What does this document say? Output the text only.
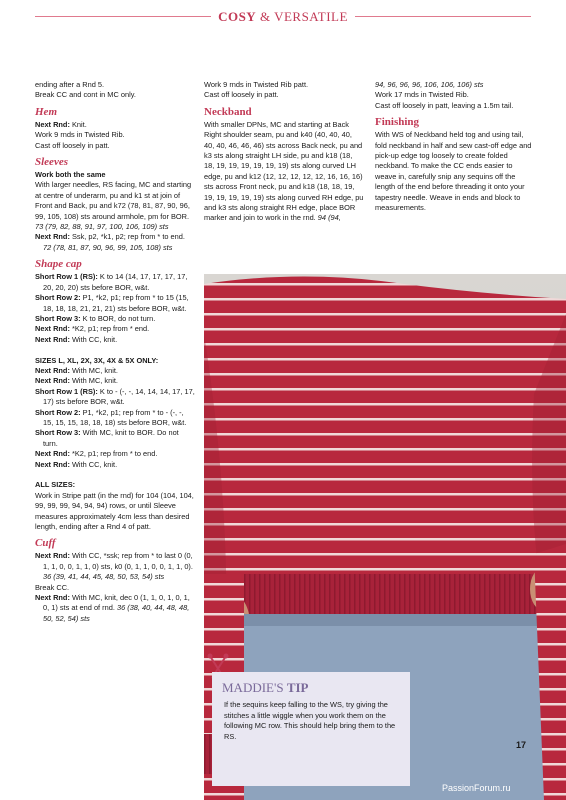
COSY & VERSATILE

ending after a Rnd 5.

Break CC and cont in MC only.

Hem

Next Rnd: Knit.

Work 9 rnds in Twisted Rib.

Cast off loosely in patt.

Sleeves

Work both the same

With larger needles, RS facing, MC and starting at centre of underarm, pu and k1 st at join of Front and Back, pu and k72 (78, 81, 87, 90, 96, 99, 105, 108) sts around armhole, pm for BOR. 73 (79, 82, 88, 91, 97, 100, 106, 109) sts

Next Rnd: Ssk, p2, *k1, p2; rep from * to end. 72 (78, 81, 87, 90, 96, 99, 105, 108) sts

Shape cap

Short Row 1 (RS): K to 14 (14, 17, 17, 17, 17, 20, 20, 20) sts before BOR, w&t.

Short Row 2: P1, *k2, p1; rep from * to 15 (15, 18, 18, 18, 21, 21, 21) sts before BOR, w&t.

Short Row 3: K to BOR, do not turn.

Next Rnd: *K2, p1; rep from * end.

Next Rnd: With CC, knit.

SIZES L, XL, 2X, 3X, 4X & 5X ONLY:

Next Rnd: With MC, knit.

Next Rnd: With MC, knit.

Short Row 1 (RS): K to - (-, -, 14, 14, 14, 17, 17, 17) sts before BOR, w&t.

Short Row 2: P1, *k2, p1; rep from * to - (-, -, 15, 15, 15, 18, 18, 18) sts before BOR, w&t.

Short Row 3: With MC, knit to BOR. Do not turn.

Next Rnd: *K2, p1; rep from * to end.

Next Rnd: With CC, knit.

ALL SIZES:

Work in Stripe patt (in the rnd) for 104 (104, 104, 99, 99, 99, 94, 94, 94) rows, or until Sleeve measures approximately 4cm less than desired length, ending after a Rnd 4 of patt.

Cuff

Next Rnd: With CC, *ssk; rep from * to last 0 (0, 1, 1, 0, 0, 1, 1, 0) sts, k0 (0, 1, 1, 0, 0, 1, 1, 0). 36 (39, 41, 44, 45, 48, 50, 53, 54) sts

Break CC.

Next Rnd: With MC, knit, dec 0 (1, 1, 0, 1, 0, 1, 0, 1) sts at end of rnd. 36 (38, 40, 44, 48, 48, 50, 52, 54) sts

Work 9 rnds in Twisted Rib patt.

Cast off loosely in patt.

Neckband

With smaller DPNs, MC and starting at Back Right shoulder seam, pu and k40 (40, 40, 40, 40, 40, 46, 46, 46) sts across Back neck, pu and k3 sts along straight LH side, pu and k18 (18, 18, 19, 19, 19, 19, 19, 19) sts along curved LH edge, pu and k12 (12, 12, 12, 12, 12, 16, 16, 16) sts across Front neck, pu and k18 (18, 18, 19, 19, 19, 19, 19, 19) sts along curved RH edge, pu and k3 sts along straight RH edge, place BOR marker and join to work in the rnd. 94 (94,

94, 96, 96, 96, 106, 106, 106) sts

Work 17 rnds in Twisted Rib.

Cast off loosely in patt, leaving a 1.5m tail.

Finishing

With WS of Neckband held tog and using tail, fold neckband in half and sew cast-off edge and pick-up edge tog loosely to create folded neckband. To make the CC ends easier to weave in, carefully snip any sequins off the length of the end before threading it onto your tapestry needle. Weave in ends and block to measurements.

MADDIE'S TIP
If the sequins keep falling to the WS, try giving the stitches a little wiggle when you work them on the following MC row. This should help bring them to the RS.
17
PassionForum.ru
